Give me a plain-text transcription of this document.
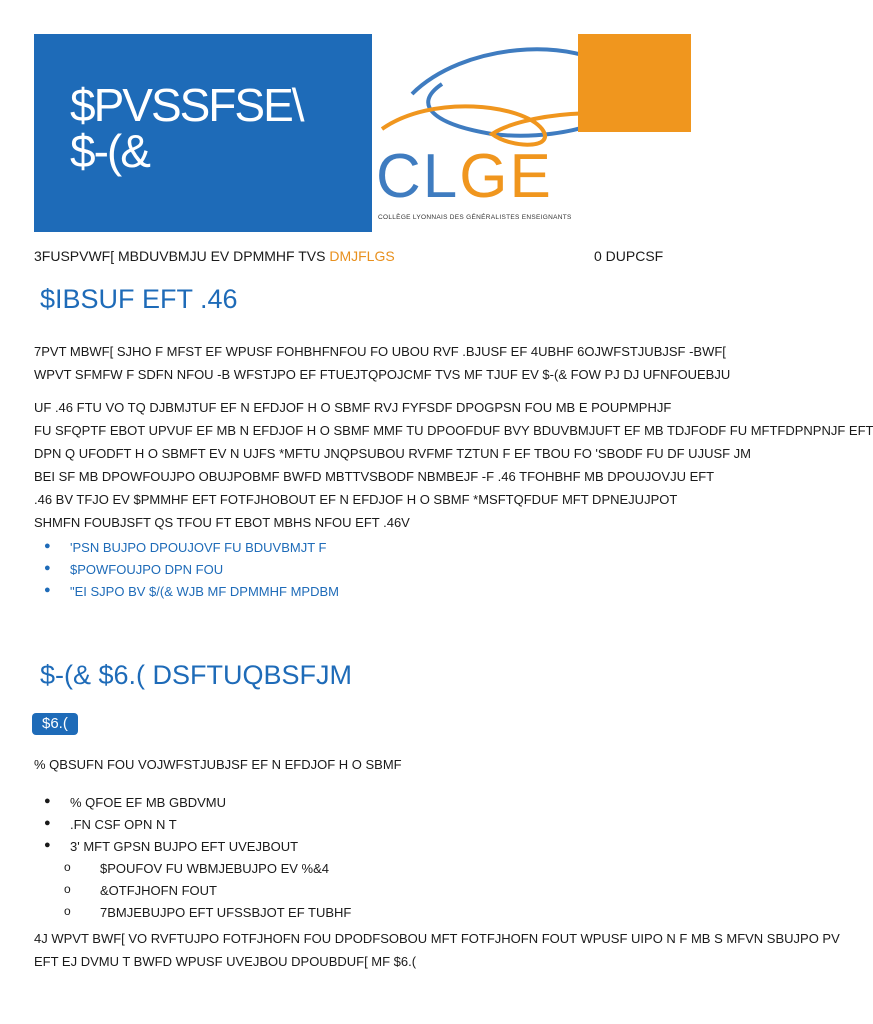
$PVSSFSE\
$-(&	CLGE
COLLÈGE LYONNAIS DES GÉNÉRALISTES ENSEIGNANTS
3FUSPVWF[ MBDUVBMJU EV DPMMHF TVS DMJFLGS	0 DUPCSF
$IBSUF EFT .46
7PVT MBWF[ SJHO F MFST EF WPUSF FOHBHFNFOU FO UBOU RVF .BJUSF EF 4UBHF 6OJWFSTJUBJSF -BWF[
WPVT SFMFW F SDFN NFOU -B WFSTJPO EF FTUEJTQPOJCMF TVS MF TJUF EV $-(& FOW PJ DJ UFNFOUEBJU
UF .46 FTU VO TQ DJBMJTUF EF N EFDJOF H O SBMF RVJ FYFSDF DPOGPSN FOU MB E POUPMPHJF
FU SFQPTF EBOT UPVUF EF MB N EFDJOF H O SBMF MMF TU DPOOFDUF BVY BDUVBMJUFT EF MB TDJFODF FU MFTFDPNPNJF EFT
DPN Q UFODFT H O SBMFT EV N UJFS *MFTU JNQPSUBOU RVFMF TZTUN F EF TBOU FO 'SBODF FU DF UJUSF JM
BEI SF MB DPOWFOUJPO OBUJPOBMF BWFD MBTTVSBODF NBMBEJF -F .46 TFOHBHF MB DPOUJOVJU EFT
.46 BV TFJO EV $PMMHF EFT FOTFJHOBOUT EF N EFDJOF H O SBMF *MSFTQFDUF MFT DPNEJUJPOT
SHMFN FOUBJSFT QS TFOU FT EBOT MBHS NFOU EFT .46V
● 'PSN BUJPO DPOUJOVF FU BDUVBMJT F
● $POWFOUJPO DPN FOU
● "EI SJPO BV $/(& WJB MF DPMMHF MPDBM
$-(& $6.( DSFTUQBSFJM
$6.(
% QBSUFN FOU VOJWFSTJUBJSF EF N EFDJOF H O SBMF
● % QFOE EF MB GBDVMU
● .FN CSF OPN N T
● 3' MFT GPSN BUJPO EFT UVEJBOUT
o $POUFOV FU WBMJEBUJPO EV %&4
o &OTFJHOFN FOUT
o 7BMJEBUJPO EFT UFSSBJOT EF TUBHF
4J WPVT BWF[ VO RVFTUJPO FOTFJHOFN FOU DPODFSOBOU MFT FOTFJHOFN FOUT WPUSF UIPO N F MB S MFVN SBUJPO PV
EFT EJ DVMU T BWFD WPUSF UVEJBOU DPOUBDUF[ MF $6.(
